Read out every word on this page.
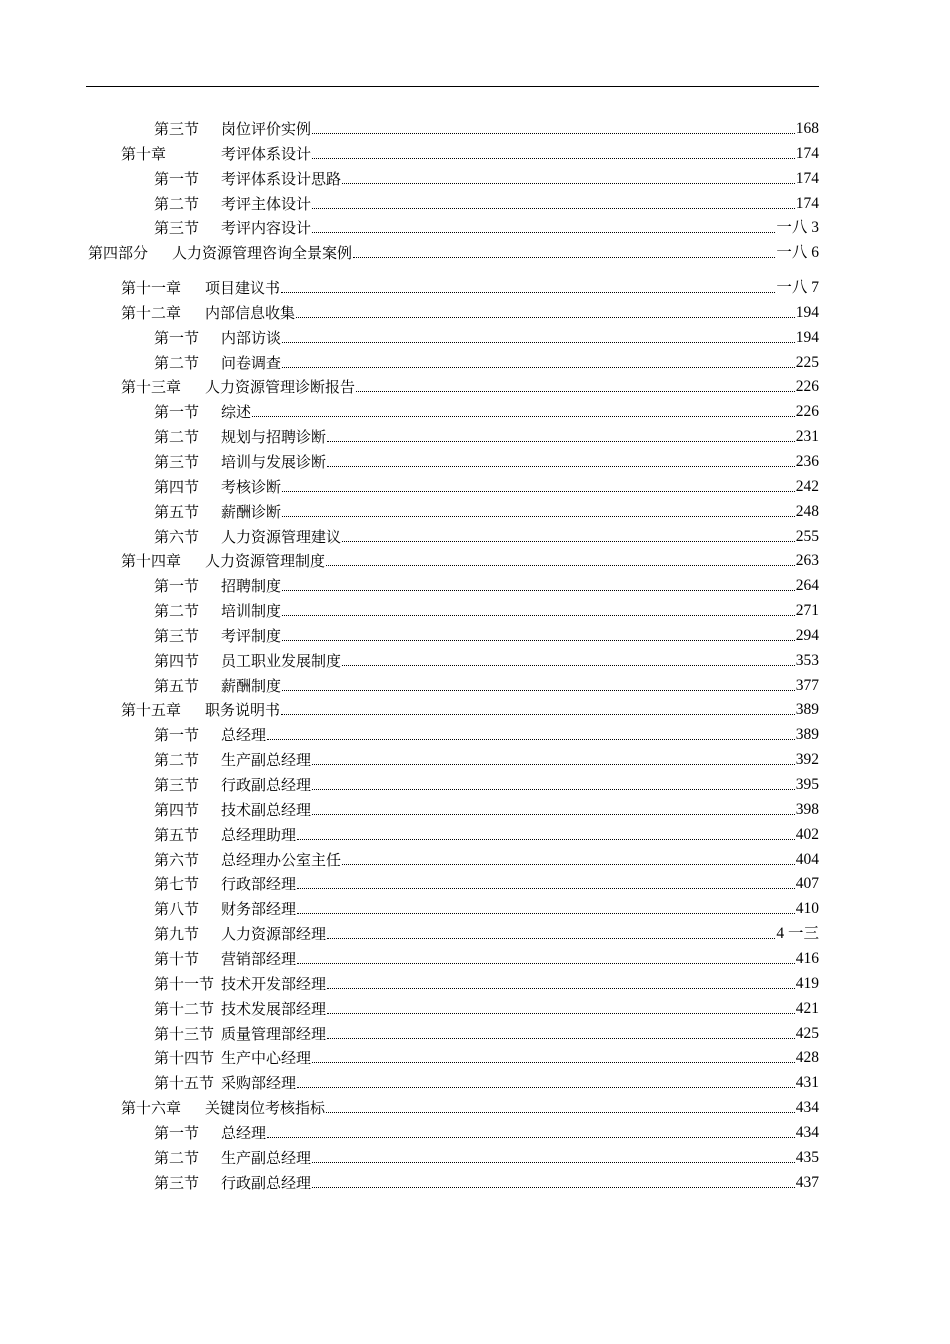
第三节 岗位评价实例	168
第十章	考评体系设计	174
第一节 考评体系设计思路	174
第二节 考评主体设计	174
第三节 考评内容设计	一八 3
第四部分 人力资源管理咨询全景案例	一八 6
第十一章 项目建议书	一八 7
第十二章 内部信息收集	194
第一节 内部访谈	194
第二节 问卷调查	225
第十三章 人力资源管理诊断报告	226
第一节 综述	226
第二节 规划与招聘诊断	231
第三节 培训与发展诊断	236
第四节 考核诊断	242
第五节 薪酬诊断	248
第六节 人力资源管理建议	255
第十四章 人力资源管理制度	263
第一节 招聘制度	264
第二节 培训制度	271
第三节 考评制度	294
第四节 员工职业发展制度	353
第五节 薪酬制度	377
第十五章 职务说明书	389
第一节 总经理	389
第二节 生产副总经理	392
第三节 行政副总经理	395
第四节 技术副总经理	398
第五节 总经理助理	402
第六节 总经理办公室主任	404
第七节 行政部经理	407
第八节 财务部经理	410
第九节 人力资源部经理	4 一三
第十节 营销部经理	416
第十一节 技术开发部经理	419
第十二节 技术发展部经理	421
第十三节 质量管理部经理	425
第十四节 生产中心经理	428
第十五节 采购部经理	431
第十六章 关键岗位考核指标	434
第一节 总经理	434
第二节 生产副总经理	435
第三节 行政副总经理	437
